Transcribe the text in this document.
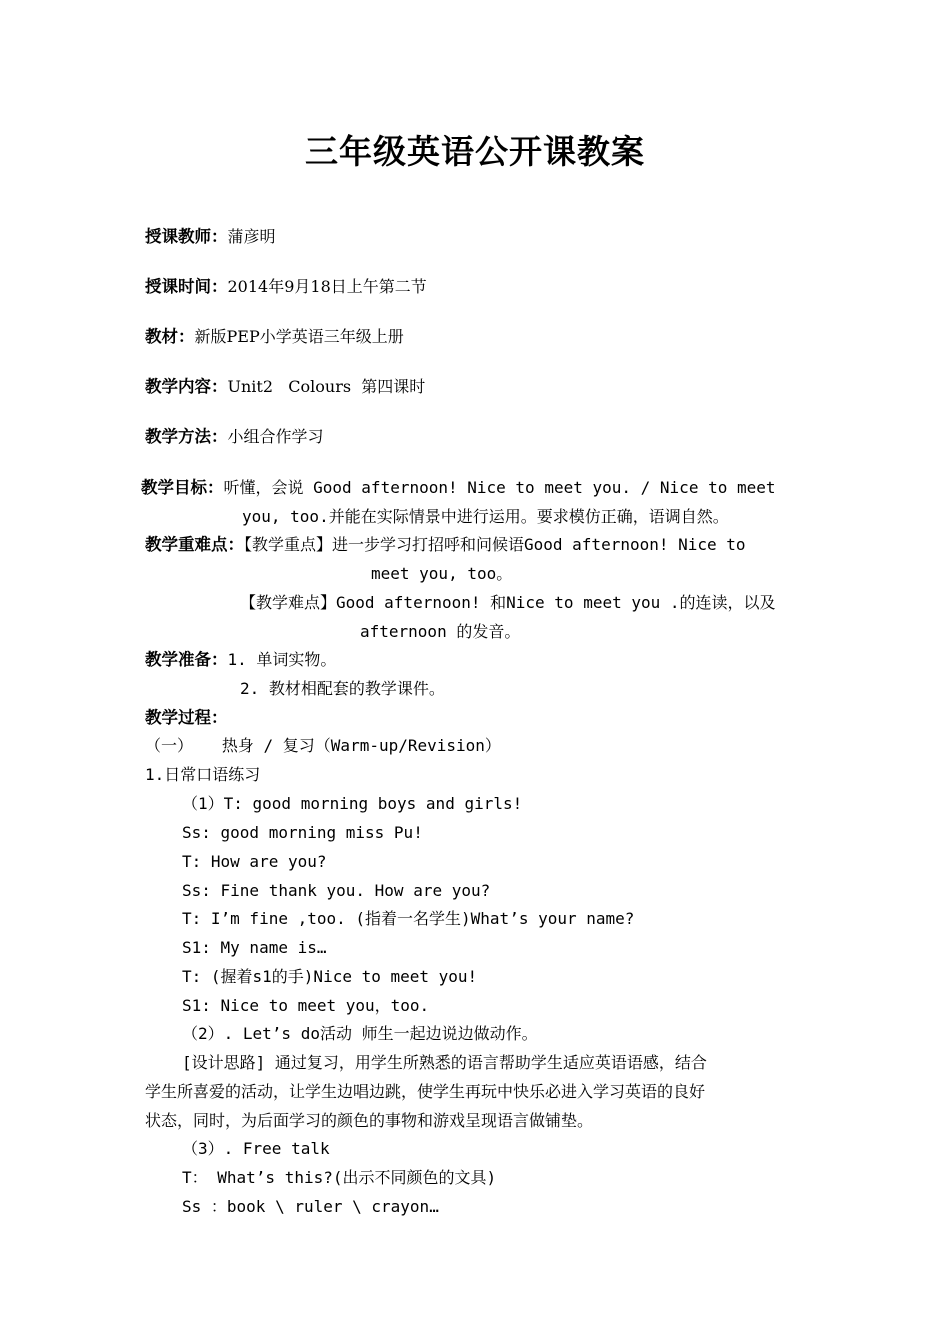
三年级英语公开课教案
授课教师：蒲彦明
授课时间：2014年9月18日上午第二节
教材：新版PEP小学英语三年级上册
教学内容：Unit2   Colours  第四课时
教学方法：小组合作学习
教学目标：听懂，会说 Good afternoon! Nice to meet you. / Nice to meet
you, too.并能在实际情景中进行运用。要求模仿正确，语调自然。
教学重难点：【教学重点】进一步学习打招呼和问候语Good afternoon! Nice to
meet you, too。
【教学难点】Good afternoon! 和Nice to meet you .的连读，以及
afternoon 的发音。
教学准备：1. 单词实物。
2. 教材相配套的教学课件。
教学过程：
（一）   热身 / 复习（Warm-up/Revision）
1.日常口语练习
（1）T: good morning boys and girls!
Ss: good morning miss Pu!
T: How are you?
Ss: Fine thank you. How are you?
T: I’m fine ,too. (指着一名学生)What’s your name?
S1: My name is…
T: (握着s1的手)Nice to meet you!
S1: Nice to meet you，too.
（2）. Let’s do活动 师生一起边说边做动作。
[设计思路] 通过复习，用学生所熟悉的语言帮助学生适应英语语感，结合
学生所喜爱的活动，让学生边唱边跳，使学生再玩中快乐必进入学习英语的良好
状态，同时，为后面学习的颜色的事物和游戏呈现语言做铺垫。
（3）. Free talk
T： What’s this?(出示不同颜色的文具)
Ss ：book \ ruler \ crayon…
